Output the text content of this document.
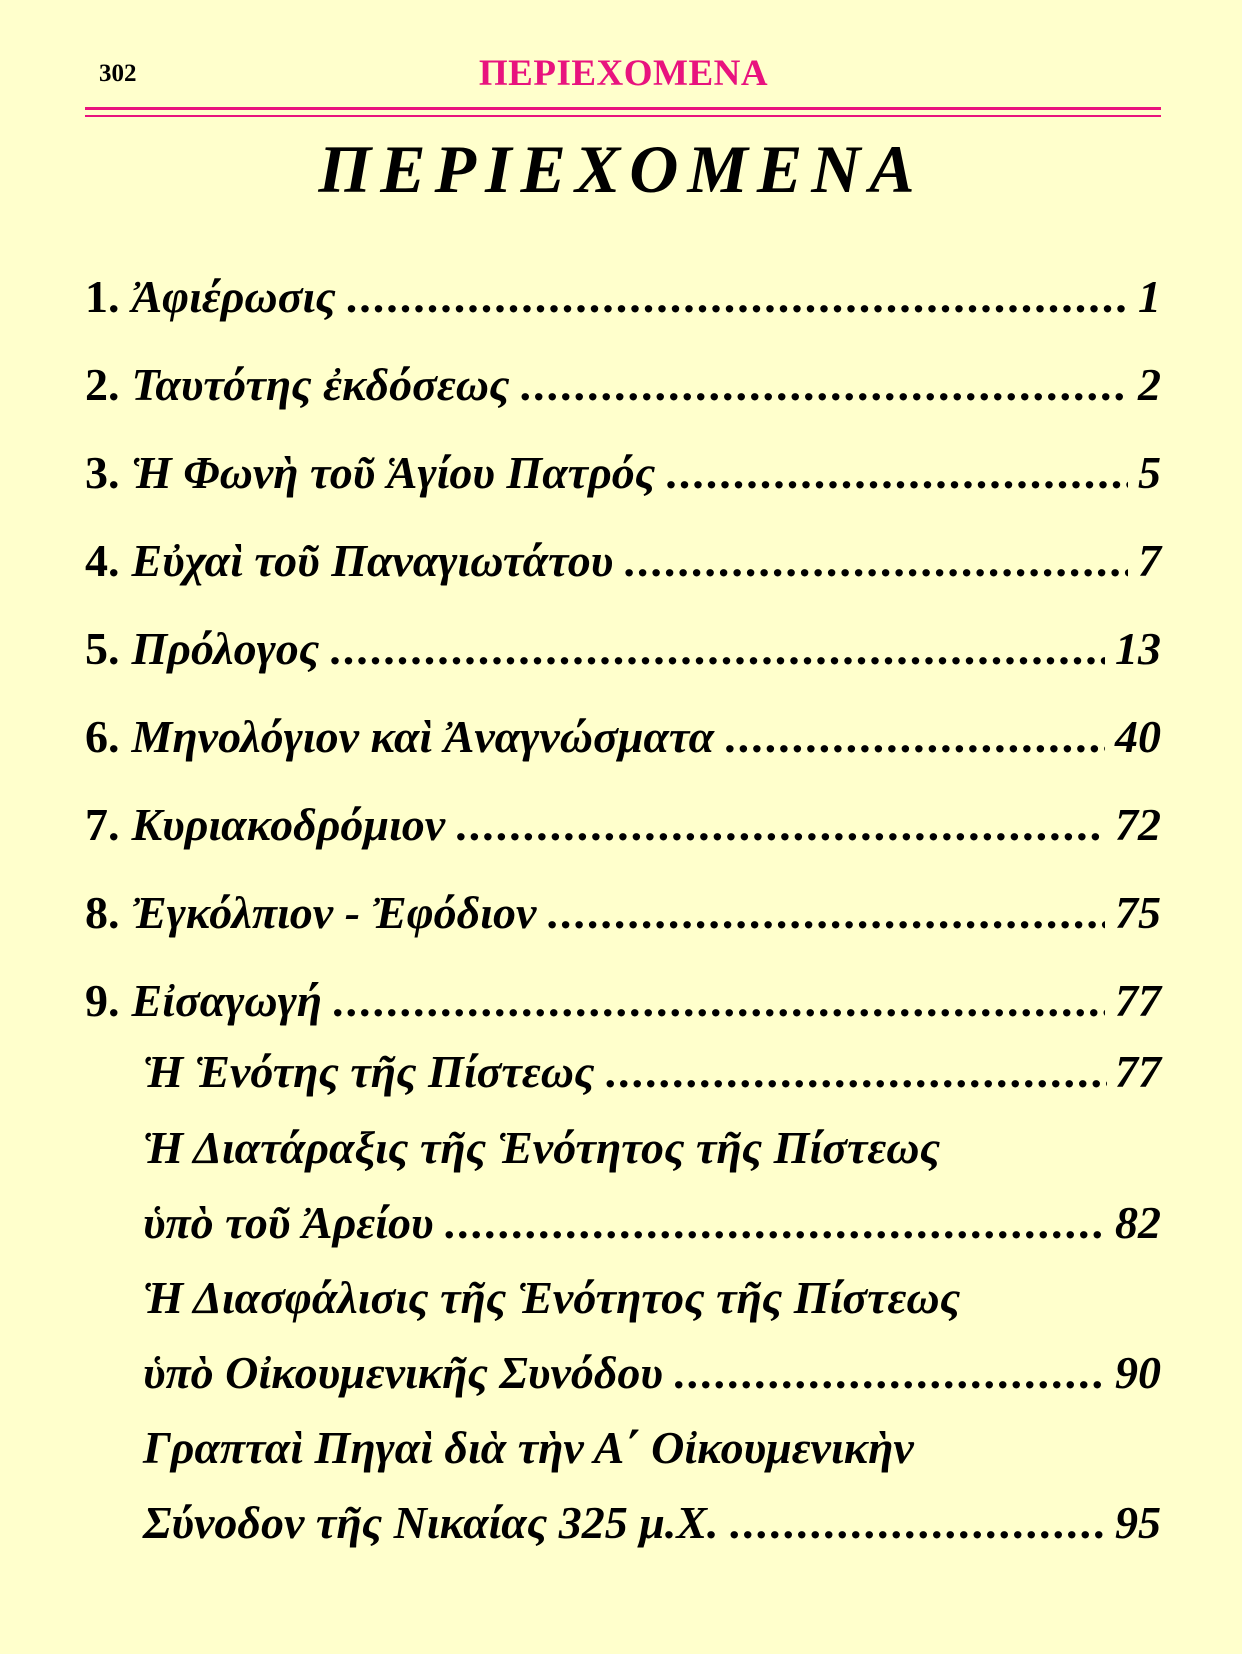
302	ΠΕΡΙΕΧΟΜΕΝΑ
ΠΕΡΙΕΧΟΜΕΝΑ
1. Ἀφιέρωσις .....	1
2. Ταυτότης ἐκδόσεως .....	2
3. Ἡ Φωνὴ τοῦ Ἁγίου Πατρός .....	5
4. Εὐχαὶ τοῦ Παναγιωτάτου .....	7
5. Πρόλογος .....	13
6. Μηνολόγιον καὶ Ἀναγνώσματα .....	40
7. Κυριακοδρόμιον .....	72
8. Ἐγκόλπιον - Ἐφόδιον .....	75
9. Εἰσαγωγή .....	77
Ἡ Ἑνότης τῆς Πίστεως .....	77
Ἡ Διατάραξις τῆς Ἑνότητος τῆς Πίστεως
ὑπὸ τοῦ Ἀρείου .....	82
Ἡ Διασφάλισις τῆς Ἑνότητος τῆς Πίστεως
ὑπὸ Οἰκουμενικῆς Συνόδου .....	90
Γραπταὶ Πηγαὶ διὰ τὴν Α΄ Οἰκουμενικὴν
Σύνοδον τῆς Νικαίας 325 μ.Χ. .....	95
